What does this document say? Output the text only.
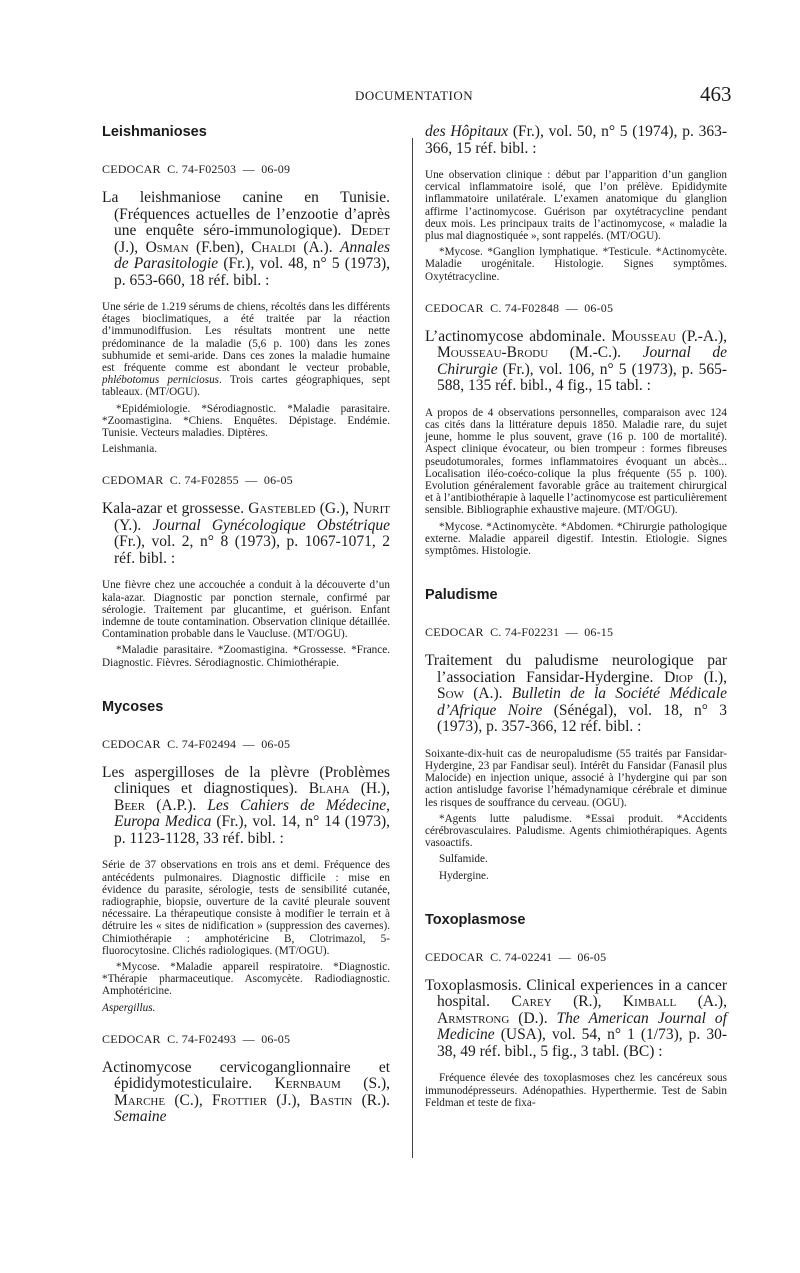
DOCUMENTATION	463
Leishmanioses
CEDOCAR  C. 74-F02503  —  06-09

La leishmaniose canine en Tunisie. (Fréquences actuelles de l’enzootie d’après une enquête séro-immunologique). Dedet (J.), Osman (F.ben), Chaldi (A.). Annales de Parasitologie (Fr.), vol. 48, n° 5 (1973), p. 653-660, 18 réf. bibl. :

Une série de 1.219 sérums de chiens, récoltés dans les différents étages bioclimatiques, a été traitée par la réaction d’immunodiffusion. Les résultats montrent une nette prédominance de la maladie (5,6 p. 100) dans les zones subhumide et semi-aride. Dans ces zones la maladie humaine est fréquente comme est abondant le vecteur probable, phlébotomus perniciosus. Trois cartes géographiques, sept tableaux. (MT/OGU).

*Epidémiologie. *Sérodiagnostic. *Maladie parasitaire. *Zoomastigina. *Chiens. Enquêtes. Dépistage. Endémie. Tunisie. Vecteurs maladies. Diptères.

Leishmania.

CEDOMAR  C. 74-F02855  —  06-05

Kala-azar et grossesse. Gastebled (G.), Nurit (Y.). Journal Gynécologique Obstétrique (Fr.), vol. 2, n° 8 (1973), p. 1067-1071, 2 réf. bibl. :

Une fièvre chez une accouchée a conduit à la découverte d’un kala-azar. Diagnostic par ponction sternale, confirmé par sérologie. Traitement par glucantime, et guérison. Enfant indemne de toute contamination. Observation clinique détaillée. Contamination probable dans le Vaucluse. (MT/OGU).

*Maladie parasitaire. *Zoomastigina. *Grossesse. *France. Diagnostic. Fièvres. Sérodiagnostic. Chimiothérapie.

Mycoses
CEDOCAR  C. 74-F02494  —  06-05

Les aspergilloses de la plèvre (Problèmes cliniques et diagnostiques). Blaha (H.), Beer (A.P.). Les Cahiers de Médecine, Europa Medica (Fr.), vol. 14, n° 14 (1973), p. 1123-1128, 33 réf. bibl. :

Série de 37 observations en trois ans et demi. Fréquence des antécédents pulmonaires. Diagnostic difficile : mise en évidence du parasite, sérologie, tests de sensibilité cutanée, radiographie, biopsie, ouverture de la cavité pleurale souvent nécessaire. La thérapeutique consiste à modifier le terrain et à détruire les « sites de nidification » (suppression des cavernes). Chimiothérapie : amphotéricine B, Clotrimazol, 5-fluorocytosine. Clichés radiologiques. (MT/OGU).

*Mycose. *Maladie appareil respiratoire. *Diagnostic. *Thérapie pharmaceutique. Ascomycète. Radiodiagnostic. Amphotéricine.

Aspergillus.

CEDOCAR  C. 74-F02493  —  06-05

Actinomycose cervicoganglionnaire et épididymotesticulaire. Kernbaum (S.), Marche (C.), Frottier (J.), Bastin (R.). Semaine

des Hôpitaux (Fr.), vol. 50, n° 5 (1974), p. 363-366, 15 réf. bibl. :

Une observation clinique : début par l’apparition d’un ganglion cervical inflammatoire isolé, que l’on prélève. Epididymite inflammatoire unilatérale. L’examen anatomique du glanglion affirme l’actinomycose. Guérison par oxytétracycline pendant deux mois. Les principaux traits de l’actinomycose, « maladie la plus mal diagnostiquée », sont rappelés. (MT/OGU).

*Mycose. *Ganglion lymphatique. *Testicule. *Actinomycète. Maladie urogénitale. Histologie. Signes symptômes. Oxytétracycline.

CEDOCAR  C. 74-F02848  —  06-05

L’actinomycose abdominale. Mousseau (P.-A.), Mousseau-Brodu (M.-C.). Journal de Chirurgie (Fr.), vol. 106, n° 5 (1973), p. 565-588, 135 réf. bibl., 4 fig., 15 tabl. :

A propos de 4 observations personnelles, comparaison avec 124 cas cités dans la littérature depuis 1850. Maladie rare, du sujet jeune, homme le plus souvent, grave (16 p. 100 de mortalité). Aspect clinique évocateur, ou bien trompeur : formes fibreuses pseudotumorales, formes inflammatoires évoquant un abcès... Localisation iléo-coéco-colique la plus fréquente (55 p. 100). Evolution généralement favorable grâce au traitement chirurgical et à l’antibiothérapie à laquelle l’actinomycose est particulièrement sensible. Bibliographie exhaustive majeure. (MT/OGU).

*Mycose. *Actinomycète. *Abdomen. *Chirurgie pathologique externe. Maladie appareil digestif. Intestin. Etiologie. Signes symptômes. Histologie.

Paludisme
CEDOCAR  C. 74-F02231  —  06-15

Traitement du paludisme neurologique par l’association Fansidar-Hydergine. Diop (I.), Sow (A.). Bulletin de la Société Médicale d’Afrique Noire (Sénégal), vol. 18, n° 3 (1973), p. 357-366, 12 réf. bibl. :

Soixante-dix-huit cas de neuropaludisme (55 traités par Fansidar-Hydergine, 23 par Fandisar seul). Intérêt du Fansidar (Fanasil plus Malocide) en injection unique, associé à l’hydergine qui par son action antisludge favorise l’hémadynamique cérébrale et diminue les risques de souffrance du cerveau. (OGU).

*Agents lutte paludisme. *Essai produit. *Accidents cérébrovasculaires. Paludisme. Agents chimiothérapiques. Agents vasoactifs.

Sulfamide.

Hydergine.

Toxoplasmose
CEDOCAR  C. 74-02241  —  06-05

Toxoplasmosis. Clinical experiences in a cancer hospital. Carey (R.), Kimball (A.), Armstrong (D.). The American Journal of Medicine (USA), vol. 54, n° 1 (1/73), p. 30-38, 49 réf. bibl., 5 fig., 3 tabl. (BC) :

Fréquence élevée des toxoplasmoses chez les cancéreux sous immunodépresseurs. Adénopathies. Hyperthermie. Test de Sabin Feldman et teste de fixa-
